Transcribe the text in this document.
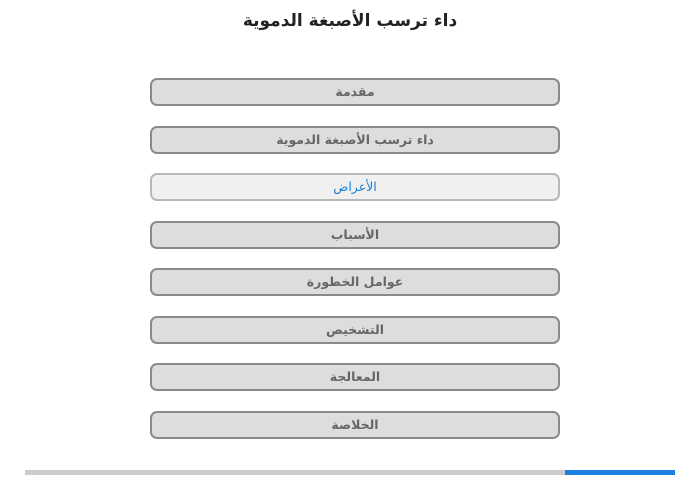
داء ترسب الأصبغة الدموية
مقدمة
داء ترسب الأصبغة الدموية
الأعراض
الأسباب
عوامل الخطورة
التشخيص
المعالجة
الخلاصة
